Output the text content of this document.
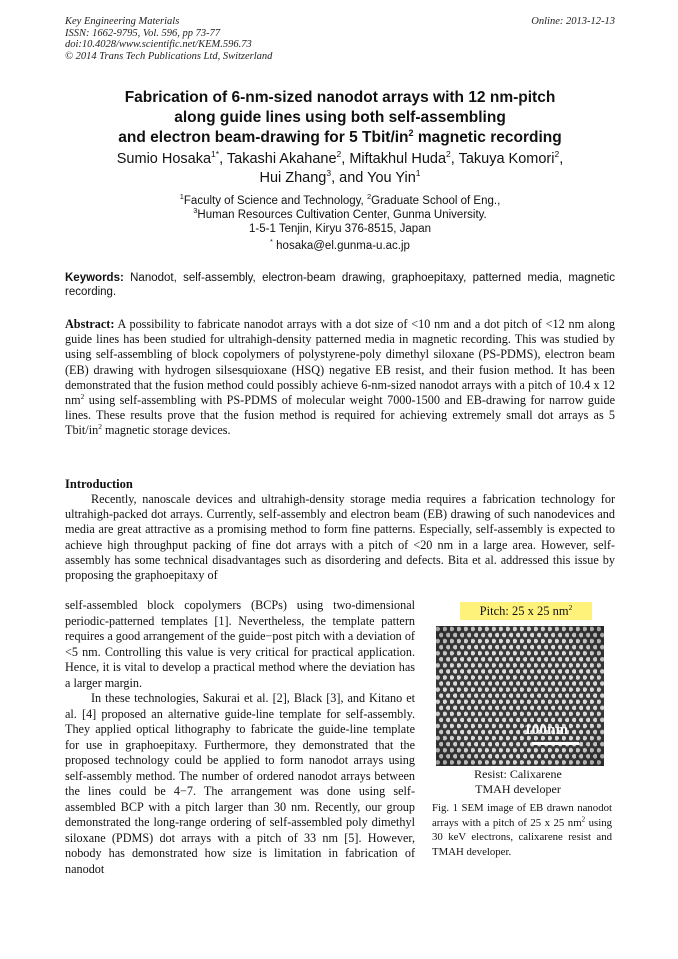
Key Engineering Materials
ISSN: 1662-9795, Vol. 596, pp 73-77
doi:10.4028/www.scientific.net/KEM.596.73
© 2014 Trans Tech Publications Ltd, Switzerland
Online: 2013-12-13
Fabrication of 6-nm-sized nanodot arrays with 12 nm-pitch
along guide lines using both self-assembling
and electron beam-drawing for 5 Tbit/$in^2$ magnetic recording
Sumio Hosaka$^{1*}$, Takashi Akahane$^2$, Miftakhul Huda$^2$, Takuya Komori$^2$,
Hui Zhang$^3$, and You Yin$^1$
$^1$Faculty of Science and Technology, $^2$Graduate School of Eng.,
$^3$Human Resources Cultivation Center, Gunma University.
1-5-1 Tenjin, Kiryu 376-8515, Japan
* hosaka@el.gunma-u.ac.jp
Keywords: Nanodot, self-assembly, electron-beam drawing, graphoepitaxy, patterned media, magnetic recording.
Abstract: A possibility to fabricate nanodot arrays with a dot size of <10 nm and a dot pitch of <12 nm along guide lines has been studied for ultrahigh-density patterned media in magnetic recording. This was studied by using self-assembling of block copolymers of polystyrene-poly dimethyl siloxane (PS-PDMS), electron beam (EB) drawing with hydrogen silsesquioxane (HSQ) negative EB resist, and their fusion method. It has been demonstrated that the fusion method could possibly achieve 6-nm-sized nanodot arrays with a pitch of 10.4 x 12 $nm^2$ using self-assembling with PS-PDMS of molecular weight 7000-1500 and EB-drawing for narrow guide lines. These results prove that the fusion method is required for achieving extremely small dot arrays as 5 Tbit/$in^2$ magnetic storage devices.
Introduction

Recently, nanoscale devices and ultrahigh-density storage media requires a fabrication technology for ultrahigh-packed dot arrays. Currently, self-assembly and electron beam (EB) drawing of such nanodevices and media are great attractive as a promising method to form fine patterns. Especially, self-assembly is expected to achieve high throughput packing of fine dot arrays with a pitch of <20 nm in a large area. However, self-assembly has some technical disadvantages such as disordering and defects. Bita et al. addressed this issue by proposing the graphoepitaxy of

self-assembled block copolymers (BCPs) using two-dimensional periodic-patterned templates [1]. Nevertheless, the template pattern requires a good arrangement of the guide−post pitch with a deviation of <5 nm. Controlling this value is very critical for practical application. Hence, it is vital to develop a practical method where the deviation has a larger margin.

In these technologies, Sakurai et al. [2], Black [3], and Kitano et al. [4] proposed an alternative guide-line template for self-assembly. They applied optical lithography to fabricate the guide-line template for use in graphoepitaxy. Furthermore, they demonstrated that the proposed technology could be applied to form nanodot arrays using self-assembly method. The number of ordered nanodot arrays between the lines could be 4−7. The arrangement was done using self-assembled BCP with a pitch larger than 30 nm. Recently, our group demonstrated the long-range ordering of self-assembled poly dimethyl siloxane (PDMS) dot arrays with a pitch of 33 nm [5]. However, nobody has demonstrated how size is limitation in fabrication of nanodot

Pitch: 25 x 25 $nm^2$
100nm
Resist: Calixarene
TMAH developer
Fig. 1 SEM image of EB drawn nanodot arrays with a pitch of 25 x 25 $nm^2$ using 30 keV electrons, calixarene resist and TMAH developer.
